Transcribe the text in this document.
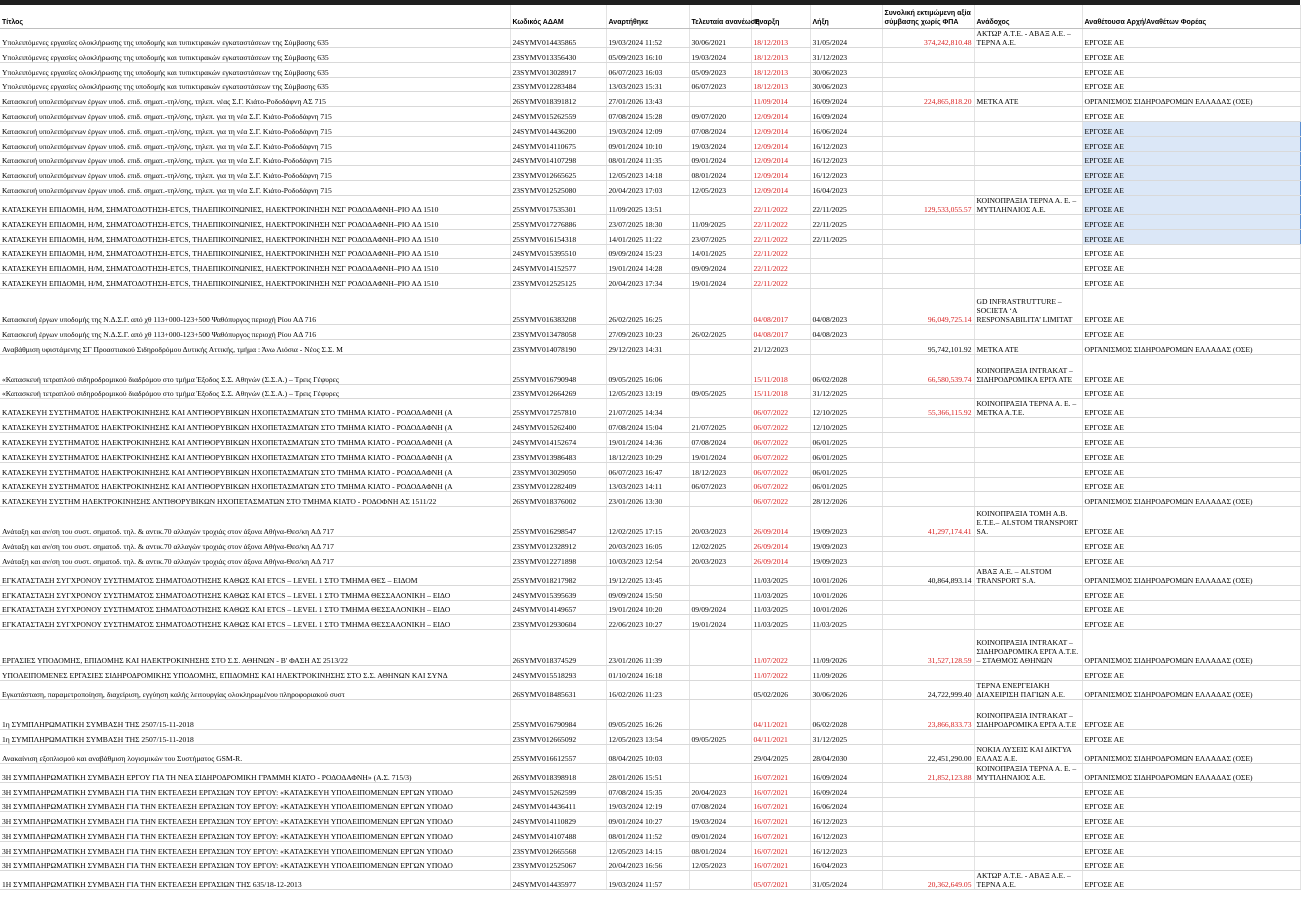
Τίτλος	Κωδικός ΑΔΑΜ	Αναρτήθηκε	Τελευταία ανανέωση	Έναρξη	Λήξη	Συνολική εκτιμώμενη αξία σύμβασης χωρίς ΦΠΑ	Ανάδοχος	Αναθέτουσα Αρχή/Αναθέτων Φορέας
Υπολειπόμενες εργασίες ολοκλήρωσης της υποδομής και τυπικτιρακών εγκαταστάσεων της Σύμβασης 635	24SYMV014435865	19/03/2024 11:52	30/06/2021	18/12/2013	31/05/2024	374,242,810.48	ΑΚΤΩΡ Α.Τ.Ε. - ΑΒΑΞ Α.Ε. – ΤΕΡΝΑ Α.Ε.	ΕΡΓΟΣΕ ΑΕ
Υπολειπόμενες εργασίες ολοκλήρωσης της υποδομής και τυπικτιρακών εγκαταστάσεων της Σύμβασης 635	23SYMV013356430	05/09/2023 16:10	19/03/2024	18/12/2013	31/12/2023			ΕΡΓΟΣΕ ΑΕ
Υπολειπόμενες εργασίες ολοκλήρωσης της υποδομής και τυπικτιρακών εγκαταστάσεων της Σύμβασης 635	23SYMV013028917	06/07/2023 16:03	05/09/2023	18/12/2013	30/06/2023			ΕΡΓΟΣΕ ΑΕ
Υπολειπόμενες εργασίες ολοκλήρωσης της υποδομής και τυπικτιρακών εγκαταστάσεων της Σύμβασης 635	23SYMV012283484	13/03/2023 15:31	06/07/2023	18/12/2013	30/06/2023			ΕΡΓΟΣΕ ΑΕ
Κατασκευή υπολειπόμενων έργων υποδ. επιδ. σηματ.-τηλ/σης, τηλεπ. νέας Σ.Γ. Κιάτο-Ροδοδάφνη ΑΣ 715	26SYMV018391812	27/01/2026 13:43		11/09/2014	16/09/2024	224,865,818.20	ΜΕΤΚΑ ΑΤΕ	ΟΡΓΑΝΙΣΜΟΣ ΣΙΔΗΡΟΔΡΟΜΩΝ ΕΛΛΑΔΑΣ (ΟΣΕ)
Κατασκευή υπολειπόμενων έργων υποδ. επιδ. σηματ.-τηλ/σης, τηλεπ. για τη νέα Σ.Γ. Κιάτο-Ροδοδάφνη 715	24SYMV015262559	07/08/2024 15:28	09/07/2020	12/09/2014	16/09/2024			ΕΡΓΟΣΕ ΑΕ
Κατασκευή υπολειπόμενων έργων υποδ. επιδ. σηματ.-τηλ/σης, τηλεπ. για τη νέα Σ.Γ. Κιάτο-Ροδοδάφνη 715	24SYMV014436200	19/03/2024 12:09	07/08/2024	12/09/2014	16/06/2024			ΕΡΓΟΣΕ ΑΕ
Κατασκευή υπολειπόμενων έργων υποδ. επιδ. σηματ.-τηλ/σης, τηλεπ. για τη νέα Σ.Γ. Κιάτο-Ροδοδάφνη 715	24SYMV014110675	09/01/2024 10:10	19/03/2024	12/09/2014	16/12/2023			ΕΡΓΟΣΕ ΑΕ
Κατασκευή υπολειπόμενων έργων υποδ. επιδ. σηματ.-τηλ/σης, τηλεπ. για τη νέα Σ.Γ. Κιάτο-Ροδοδάφνη 715	24SYMV014107298	08/01/2024 11:35	09/01/2024	12/09/2014	16/12/2023			ΕΡΓΟΣΕ ΑΕ
Κατασκευή υπολειπόμενων έργων υποδ. επιδ. σηματ.-τηλ/σης, τηλεπ. για τη νέα Σ.Γ. Κιάτο-Ροδοδάφνη 715	23SYMV012665625	12/05/2023 14:18	08/01/2024	12/09/2014	16/12/2023			ΕΡΓΟΣΕ ΑΕ
Κατασκευή υπολειπόμενων έργων υποδ. επιδ. σηματ.-τηλ/σης, τηλεπ. για τη νέα Σ.Γ. Κιάτο-Ροδοδάφνη 715	23SYMV012525080	20/04/2023 17:03	12/05/2023	12/09/2014	16/04/2023			ΕΡΓΟΣΕ ΑΕ
ΚΑΤΑΣΚΕΥΗ ΕΠΙΔΟΜΗ, Η/Μ, ΣΗΜΑΤΟΔΟΤΗΣΗ-ETCS, ΤΗΛΕΠΙΚΟΙΝΩΝΙΕΣ, ΗΛΕΚΤΡΟΚΙΝΗΣΗ ΝΣΓ ΡΟΔΟΔΑΦΝΗ–ΡΙΟ ΑΔ 1510	25SYMV017535301	11/09/2025 13:51		22/11/2022	22/11/2025	129,533,055.57	ΚΟΙΝΟΠΡΑΞΙΑ ΤΕΡΝΑ Α. Ε. – ΜΥΤΙΛΗΝΑΙΟΣ Α.Ε.	ΕΡΓΟΣΕ ΑΕ
ΚΑΤΑΣΚΕΥΗ ΕΠΙΔΟΜΗ, Η/Μ, ΣΗΜΑΤΟΔΟΤΗΣΗ-ETCS, ΤΗΛΕΠΙΚΟΙΝΩΝΙΕΣ, ΗΛΕΚΤΡΟΚΙΝΗΣΗ ΝΣΓ ΡΟΔΟΔΑΦΝΗ–ΡΙΟ ΑΔ 1510	25SYMV017276886	23/07/2025 18:30	11/09/2025	22/11/2022	22/11/2025			ΕΡΓΟΣΕ ΑΕ
ΚΑΤΑΣΚΕΥΗ ΕΠΙΔΟΜΗ, Η/Μ, ΣΗΜΑΤΟΔΟΤΗΣΗ-ETCS, ΤΗΛΕΠΙΚΟΙΝΩΝΙΕΣ, ΗΛΕΚΤΡΟΚΙΝΗΣΗ ΝΣΓ ΡΟΔΟΔΑΦΝΗ–ΡΙΟ ΑΔ 1510	25SYMV016154318	14/01/2025 11:22	23/07/2025	22/11/2022	22/11/2025			ΕΡΓΟΣΕ ΑΕ
ΚΑΤΑΣΚΕΥΗ ΕΠΙΔΟΜΗ, Η/Μ, ΣΗΜΑΤΟΔΟΤΗΣΗ-ETCS, ΤΗΛΕΠΙΚΟΙΝΩΝΙΕΣ, ΗΛΕΚΤΡΟΚΙΝΗΣΗ ΝΣΓ ΡΟΔΟΔΑΦΝΗ–ΡΙΟ ΑΔ 1510	24SYMV015395510	09/09/2024 15:23	14/01/2025	22/11/2022				ΕΡΓΟΣΕ ΑΕ
ΚΑΤΑΣΚΕΥΗ ΕΠΙΔΟΜΗ, Η/Μ, ΣΗΜΑΤΟΔΟΤΗΣΗ-ETCS, ΤΗΛΕΠΙΚΟΙΝΩΝΙΕΣ, ΗΛΕΚΤΡΟΚΙΝΗΣΗ ΝΣΓ ΡΟΔΟΔΑΦΝΗ–ΡΙΟ ΑΔ 1510	24SYMV014152577	19/01/2024 14:28	09/09/2024	22/11/2022				ΕΡΓΟΣΕ ΑΕ
ΚΑΤΑΣΚΕΥΗ ΕΠΙΔΟΜΗ, Η/Μ, ΣΗΜΑΤΟΔΟΤΗΣΗ-ETCS, ΤΗΛΕΠΙΚΟΙΝΩΝΙΕΣ, ΗΛΕΚΤΡΟΚΙΝΗΣΗ ΝΣΓ ΡΟΔΟΔΑΦΝΗ–ΡΙΟ ΑΔ 1510	23SYMV012525125	20/04/2023 17:34	19/01/2024	22/11/2022				ΕΡΓΟΣΕ ΑΕ
Κατασκευή έργων υποδομής της Ν.Δ.Σ.Γ. από χθ 113+000-123+500 Ψαθόπυργος περιοχή Ρίου ΑΔ 716	25SYMV016383208	26/02/2025 16:25		04/08/2017	04/08/2023	96,049,725.14	GD INFRASTRUTTURE – SOCIETA ‘A RESPONSABILITA’ LIMITAT	ΕΡΓΟΣΕ ΑΕ
Κατασκευή έργων υποδομής της Ν.Δ.Σ.Γ. από χθ 113+000-123+500 Ψαθόπυργος περιοχή Ρίου ΑΔ 716	23SYMV013478058	27/09/2023 10:23	26/02/2025	04/08/2017	04/08/2023			ΕΡΓΟΣΕ ΑΕ
Αναβάθμιση υφιστάμενης ΣΓ Προαστιακού Σιδηροδρόμου Δυτικής Αττικής, τμήμα : Άνω Λιόσια - Νέος Σ.Σ. Μ	23SYMV014078190	29/12/2023 14:31		21/12/2023		95,742,101.92	ΜΕΤΚΑ ΑΤΕ	ΟΡΓΑΝΙΣΜΟΣ ΣΙΔΗΡΟΔΡΟΜΩΝ ΕΛΛΑΔΑΣ (ΟΣΕ)
«Κατασκευή τετραπλού σιδηροδρομικού διαδρόμου στο τμήμα Έξοδος Σ.Σ. Αθηνών (Σ.Σ.Α.) – Τρεις Γέφυρες	25SYMV016790948	09/05/2025 16:06		15/11/2018	06/02/2028	66,580,539.74	ΚΟΙΝΟΠΡΑΞΙΑ INTRAKAT – ΣΙΔΗΡΟΔΡΟΜΙΚΑ ΕΡΓΑ ΑΤΕ	ΕΡΓΟΣΕ ΑΕ
«Κατασκευή τετραπλού σιδηροδρομικού διαδρόμου στο τμήμα Έξοδος Σ.Σ. Αθηνών (Σ.Σ.Α.) – Τρεις Γέφυρες	23SYMV012664269	12/05/2023 13:19	09/05/2025	15/11/2018	31/12/2025			ΕΡΓΟΣΕ ΑΕ
ΚΑΤΑΣΚΕΥΗ ΣΥΣΤΗΜΑΤΟΣ ΗΛΕΚΤΡΟΚΙΝΗΣΗΣ ΚΑΙ ΑΝΤΙΘΟΡΥΒΙΚΩΝ ΗΧΟΠΕΤΑΣΜΑΤΩΝ ΣΤΟ ΤΜΗΜΑ ΚΙΑΤΟ - ΡΟΔΟΔΑΦΝΗ (Α	25SYMV017257810	21/07/2025 14:34		06/07/2022	12/10/2025	55,366,115.92	ΚΟΙΝΟΠΡΑΞΙΑ ΤΕΡΝΑ Α. Ε. – ΜΕΤΚΑ Α.Τ.Ε.	ΕΡΓΟΣΕ ΑΕ
ΚΑΤΑΣΚΕΥΗ ΣΥΣΤΗΜΑΤΟΣ ΗΛΕΚΤΡΟΚΙΝΗΣΗΣ ΚΑΙ ΑΝΤΙΘΟΡΥΒΙΚΩΝ ΗΧΟΠΕΤΑΣΜΑΤΩΝ ΣΤΟ ΤΜΗΜΑ ΚΙΑΤΟ - ΡΟΔΟΔΑΦΝΗ (Α	24SYMV015262400	07/08/2024 15:04	21/07/2025	06/07/2022	12/10/2025			ΕΡΓΟΣΕ ΑΕ
ΚΑΤΑΣΚΕΥΗ ΣΥΣΤΗΜΑΤΟΣ ΗΛΕΚΤΡΟΚΙΝΗΣΗΣ ΚΑΙ ΑΝΤΙΘΟΡΥΒΙΚΩΝ ΗΧΟΠΕΤΑΣΜΑΤΩΝ ΣΤΟ ΤΜΗΜΑ ΚΙΑΤΟ - ΡΟΔΟΔΑΦΝΗ (Α	24SYMV014152674	19/01/2024 14:36	07/08/2024	06/07/2022	06/01/2025			ΕΡΓΟΣΕ ΑΕ
ΚΑΤΑΣΚΕΥΗ ΣΥΣΤΗΜΑΤΟΣ ΗΛΕΚΤΡΟΚΙΝΗΣΗΣ ΚΑΙ ΑΝΤΙΘΟΡΥΒΙΚΩΝ ΗΧΟΠΕΤΑΣΜΑΤΩΝ ΣΤΟ ΤΜΗΜΑ ΚΙΑΤΟ - ΡΟΔΟΔΑΦΝΗ (Α	23SYMV013986483	18/12/2023 10:29	19/01/2024	06/07/2022	06/01/2025			ΕΡΓΟΣΕ ΑΕ
ΚΑΤΑΣΚΕΥΗ ΣΥΣΤΗΜΑΤΟΣ ΗΛΕΚΤΡΟΚΙΝΗΣΗΣ ΚΑΙ ΑΝΤΙΘΟΡΥΒΙΚΩΝ ΗΧΟΠΕΤΑΣΜΑΤΩΝ ΣΤΟ ΤΜΗΜΑ ΚΙΑΤΟ - ΡΟΔΟΔΑΦΝΗ (Α	23SYMV013029050	06/07/2023 16:47	18/12/2023	06/07/2022	06/01/2025			ΕΡΓΟΣΕ ΑΕ
ΚΑΤΑΣΚΕΥΗ ΣΥΣΤΗΜΑΤΟΣ ΗΛΕΚΤΡΟΚΙΝΗΣΗΣ ΚΑΙ ΑΝΤΙΘΟΡΥΒΙΚΩΝ ΗΧΟΠΕΤΑΣΜΑΤΩΝ ΣΤΟ ΤΜΗΜΑ ΚΙΑΤΟ - ΡΟΔΟΔΑΦΝΗ (Α	23SYMV012282409	13/03/2023 14:11	06/07/2023	06/07/2022	06/01/2025			ΕΡΓΟΣΕ ΑΕ
ΚΑΤΑΣΚΕΥΗ ΣΥΣΤΗΜ ΗΛΕΚΤΡΟΚΙΝΗΣΗΣ ΑΝΤΙΘΟΡΥΒΙΚΩΝ ΗΧΟΠΕΤΑΣΜΑΤΩΝ ΣΤΟ ΤΜΗΜΑ ΚΙΑΤΟ - ΡΟΔΟΦΝΗ ΑΣ 1511/22	26SYMV018376002	23/01/2026 13:30		06/07/2022	28/12/2026			ΟΡΓΑΝΙΣΜΟΣ ΣΙΔΗΡΟΔΡΟΜΩΝ ΕΛΛΑΔΑΣ (ΟΣΕ)
Ανάταξη και αν/ση του συστ. σηματοδ. τηλ. & αντικ.70 αλλαγών τροχιάς στον άξονα Αθήνα-Θεσ/κη ΑΔ 717	25SYMV016298547	12/02/2025 17:15	20/03/2023	26/09/2014	19/09/2023	41,297,174.41	ΚΟΙΝΟΠΡΑΞΙΑ ΤΟΜΗ Α.Β. Ε.Τ.Ε.– ALSTOM TRANSPORT SA.	ΕΡΓΟΣΕ ΑΕ
Ανάταξη και αν/ση του συστ. σηματοδ. τηλ. & αντικ.70 αλλαγών τροχιάς στον άξονα Αθήνα-Θεσ/κη ΑΔ 717	23SYMV012328912	20/03/2023 16:05	12/02/2025	26/09/2014	19/09/2023			ΕΡΓΟΣΕ ΑΕ
Ανάταξη και αν/ση του συστ. σηματοδ. τηλ. & αντικ.70 αλλαγών τροχιάς στον άξονα Αθήνα-Θεσ/κη ΑΔ 717	23SYMV012271898	10/03/2023 12:54	20/03/2023	26/09/2014	19/09/2023			ΕΡΓΟΣΕ ΑΕ
ΕΓΚΑΤΑΣΤΑΣΗ ΣΥΓΧΡΟΝΟΥ ΣΥΣΤΗΜΑΤΟΣ ΣΗΜΑΤΟΔΟΤΗΣΗΣ ΚΑΘΩΣ ΚΑΙ ETCS – LEVEL 1 ΣΤΟ ΤΜΗΜΑ ΘΕΣ – ΕΙΔΟΜ	25SYMV018217982	19/12/2025 13:45		11/03/2025	10/01/2026	40,864,893.14	ΑΒΑΞ Α.Ε. – ALSTOM TRANSPORT S.A.	ΟΡΓΑΝΙΣΜΟΣ ΣΙΔΗΡΟΔΡΟΜΩΝ ΕΛΛΑΔΑΣ (ΟΣΕ)
ΕΓΚΑΤΑΣΤΑΣΗ ΣΥΓΧΡΟΝΟΥ ΣΥΣΤΗΜΑΤΟΣ ΣΗΜΑΤΟΔΟΤΗΣΗΣ ΚΑΘΩΣ ΚΑΙ ETCS – LEVEL 1 ΣΤΟ ΤΜΗΜΑ ΘΕΣΣΑΛΟΝΙΚΗ – ΕΙΔΟ	24SYMV015395639	09/09/2024 15:50		11/03/2025	10/01/2026			ΕΡΓΟΣΕ ΑΕ
ΕΓΚΑΤΑΣΤΑΣΗ ΣΥΓΧΡΟΝΟΥ ΣΥΣΤΗΜΑΤΟΣ ΣΗΜΑΤΟΔΟΤΗΣΗΣ ΚΑΘΩΣ ΚΑΙ ETCS – LEVEL 1 ΣΤΟ ΤΜΗΜΑ ΘΕΣΣΑΛΟΝΙΚΗ – ΕΙΔΟ	24SYMV014149657	19/01/2024 10:20	09/09/2024	11/03/2025	10/01/2026			ΕΡΓΟΣΕ ΑΕ
ΕΓΚΑΤΑΣΤΑΣΗ ΣΥΓΧΡΟΝΟΥ ΣΥΣΤΗΜΑΤΟΣ ΣΗΜΑΤΟΔΟΤΗΣΗΣ ΚΑΘΩΣ ΚΑΙ ETCS – LEVEL 1 ΣΤΟ ΤΜΗΜΑ ΘΕΣΣΑΛΟΝΙΚΗ – ΕΙΔΟ	23SYMV012930604	22/06/2023 10:27	19/01/2024	11/03/2025	11/03/2025			ΕΡΓΟΣΕ ΑΕ
ΕΡΓΑΣΙΕΣ ΥΠΟΔΟΜΗΣ, ΕΠΙΔΟΜΗΣ ΚΑΙ ΗΛΕΚΤΡΟΚΙΝΗΣΗΣ ΣΤΟ Σ.Σ. ΑΘΗΝΩΝ - Β' ΦΑΣΗ ΑΣ 2513/22	26SYMV018374529	23/01/2026 11:39		11/07/2022	11/09/2026	31,527,128.59	ΚΟΙΝΟΠΡΑΞΙΑ INTRAKAT – ΣΙΔΗΡΟΔΡΟΜΙΚΑ ΕΡΓΑ Α.Τ.Ε. – ΣΤΑΘΜΟΣ ΑΘΗΝΩΝ	ΟΡΓΑΝΙΣΜΟΣ ΣΙΔΗΡΟΔΡΟΜΩΝ ΕΛΛΑΔΑΣ (ΟΣΕ)
ΥΠΟΛΕΙΠΟΜΕΝΕΣ ΕΡΓΑΣΙΕΣ ΣΙΔΗΡΟΔΡΟΜΙΚΗΣ ΥΠΟΔΟΜΗΣ, ΕΠΙΔΟΜΗΣ ΚΑΙ ΗΛΕΚΤΡΟΚΙΝΗΣΗΣ ΣΤΟ Σ.Σ. ΑΘΗΝΩΝ ΚΑΙ ΣΥΝΔ	24SYMV015518293	01/10/2024 16:18		11/07/2022	11/09/2026			ΕΡΓΟΣΕ ΑΕ
Εγκατάσταση, παραμετροποίηση, διαχείριση, εγγύηση καλής λειτουργίας ολοκληρωμένου πληροφοριακού συστ	26SYMV018485631	16/02/2026 11:23		05/02/2026	30/06/2026	24,722,999.40	ΤΕΡΝΑ ΕΝΕΡΓΕΙΑΚΗ ΔΙΑΧΕΙΡΙΣΗ ΠΑΓΙΩΝ Α.Ε.	ΟΡΓΑΝΙΣΜΟΣ ΣΙΔΗΡΟΔΡΟΜΩΝ ΕΛΛΑΔΑΣ (ΟΣΕ)
1η ΣΥΜΠΛΗΡΩΜΑΤΙΚΗ ΣΥΜΒΑΣΗ ΤΗΣ 2507/15-11-2018	25SYMV016790984	09/05/2025 16:26		04/11/2021	06/02/2028	23,866,833.73	ΚΟΙΝΟΠΡΑΞΙΑ INTRAKAT – ΣΙΔΗΡΟΔΡΟΜΙΚΑ ΕΡΓΑ Α.Τ.Ε	ΕΡΓΟΣΕ ΑΕ
1η ΣΥΜΠΛΗΡΩΜΑΤΙΚΗ ΣΥΜΒΑΣΗ ΤΗΣ 2507/15-11-2018	23SYMV012665092	12/05/2023 13:54	09/05/2025	04/11/2021	31/12/2025			ΕΡΓΟΣΕ ΑΕ
Ανακαίνιση εξοπλισμού και αναβάθμιση λογισμικών του Συστήματος GSM-R.	25SYMV016612557	08/04/2025 10:03		29/04/2025	28/04/2030	22,451,290.00	ΝΟΚΙΑ ΛΥΣΕΙΣ ΚΑΙ ΔΙΚΤΥΑ ΕΛΛΑΣ Α.Ε.	ΟΡΓΑΝΙΣΜΟΣ ΣΙΔΗΡΟΔΡΟΜΩΝ ΕΛΛΑΔΑΣ (ΟΣΕ)
3Η ΣΥΜΠΛΗΡΩΜΑΤΙΚΗ ΣΥΜΒΑΣΗ ΕΡΓΟΥ ΓΙΑ ΤΗ ΝΕΑ ΣΙΔΗΡΟΔΡΟΜΙΚΗ ΓΡΑΜΜΗ ΚΙΑΤΟ - ΡΟΔΟΔΑΦΝΗ» (Α.Σ. 715/3)	26SYMV018398918	28/01/2026 15:51		16/07/2021	16/09/2024	21,852,123.88	ΚΟΙΝΟΠΡΑΞΙΑ ΤΕΡΝΑ Α. Ε. – ΜΥΤΙΛΗΝΑΙΟΣ Α.Ε.	ΟΡΓΑΝΙΣΜΟΣ ΣΙΔΗΡΟΔΡΟΜΩΝ ΕΛΛΑΔΑΣ (ΟΣΕ)
3Η ΣΥΜΠΛΗΡΩΜΑΤΙΚΗ ΣΥΜΒΑΣΗ ΓΙΑ ΤΗΝ ΕΚΤΕΛΕΣΗ ΕΡΓΑΣΙΩΝ ΤΟΥ ΕΡΓΟΥ: «ΚΑΤΑΣΚΕΥΗ ΥΠΟΛΕΙΠΟΜΕΝΩΝ ΕΡΓΩΝ ΥΠΟΔΟ	24SYMV015262599	07/08/2024 15:35	20/04/2023	16/07/2021	16/09/2024			ΕΡΓΟΣΕ ΑΕ
3Η ΣΥΜΠΛΗΡΩΜΑΤΙΚΗ ΣΥΜΒΑΣΗ ΓΙΑ ΤΗΝ ΕΚΤΕΛΕΣΗ ΕΡΓΑΣΙΩΝ ΤΟΥ ΕΡΓΟΥ: «ΚΑΤΑΣΚΕΥΗ ΥΠΟΛΕΙΠΟΜΕΝΩΝ ΕΡΓΩΝ ΥΠΟΔΟ	24SYMV014436411	19/03/2024 12:19	07/08/2024	16/07/2021	16/06/2024			ΕΡΓΟΣΕ ΑΕ
3Η ΣΥΜΠΛΗΡΩΜΑΤΙΚΗ ΣΥΜΒΑΣΗ ΓΙΑ ΤΗΝ ΕΚΤΕΛΕΣΗ ΕΡΓΑΣΙΩΝ ΤΟΥ ΕΡΓΟΥ: «ΚΑΤΑΣΚΕΥΗ ΥΠΟΛΕΙΠΟΜΕΝΩΝ ΕΡΓΩΝ ΥΠΟΔΟ	24SYMV014110829	09/01/2024 10:27	19/03/2024	16/07/2021	16/12/2023			ΕΡΓΟΣΕ ΑΕ
3Η ΣΥΜΠΛΗΡΩΜΑΤΙΚΗ ΣΥΜΒΑΣΗ ΓΙΑ ΤΗΝ ΕΚΤΕΛΕΣΗ ΕΡΓΑΣΙΩΝ ΤΟΥ ΕΡΓΟΥ: «ΚΑΤΑΣΚΕΥΗ ΥΠΟΛΕΙΠΟΜΕΝΩΝ ΕΡΓΩΝ ΥΠΟΔΟ	24SYMV014107488	08/01/2024 11:52	09/01/2024	16/07/2021	16/12/2023			ΕΡΓΟΣΕ ΑΕ
3Η ΣΥΜΠΛΗΡΩΜΑΤΙΚΗ ΣΥΜΒΑΣΗ ΓΙΑ ΤΗΝ ΕΚΤΕΛΕΣΗ ΕΡΓΑΣΙΩΝ ΤΟΥ ΕΡΓΟΥ: «ΚΑΤΑΣΚΕΥΗ ΥΠΟΛΕΙΠΟΜΕΝΩΝ ΕΡΓΩΝ ΥΠΟΔΟ	23SYMV012665568	12/05/2023 14:15	08/01/2024	16/07/2021	16/12/2023			ΕΡΓΟΣΕ ΑΕ
3Η ΣΥΜΠΛΗΡΩΜΑΤΙΚΗ ΣΥΜΒΑΣΗ ΓΙΑ ΤΗΝ ΕΚΤΕΛΕΣΗ ΕΡΓΑΣΙΩΝ ΤΟΥ ΕΡΓΟΥ: «ΚΑΤΑΣΚΕΥΗ ΥΠΟΛΕΙΠΟΜΕΝΩΝ ΕΡΓΩΝ ΥΠΟΔΟ	23SYMV012525067	20/04/2023 16:56	12/05/2023	16/07/2021	16/04/2023			ΕΡΓΟΣΕ ΑΕ
1Η ΣΥΜΠΛΗΡΩΜΑΤΙΚΗ ΣΥΜΒΑΣΗ ΓΙΑ ΤΗΝ ΕΚΤΕΛΕΣΗ ΕΡΓΑΣΙΩΝ ΤΗΣ 635/18-12-2013	24SYMV014435977	19/03/2024 11:57		05/07/2021	31/05/2024	20,362,649.05	ΑΚΤΩΡ Α.Τ.Ε. - ΑΒΑΞ Α.Ε. – ΤΕΡΝΑ Α.Ε.	ΕΡΓΟΣΕ ΑΕ
